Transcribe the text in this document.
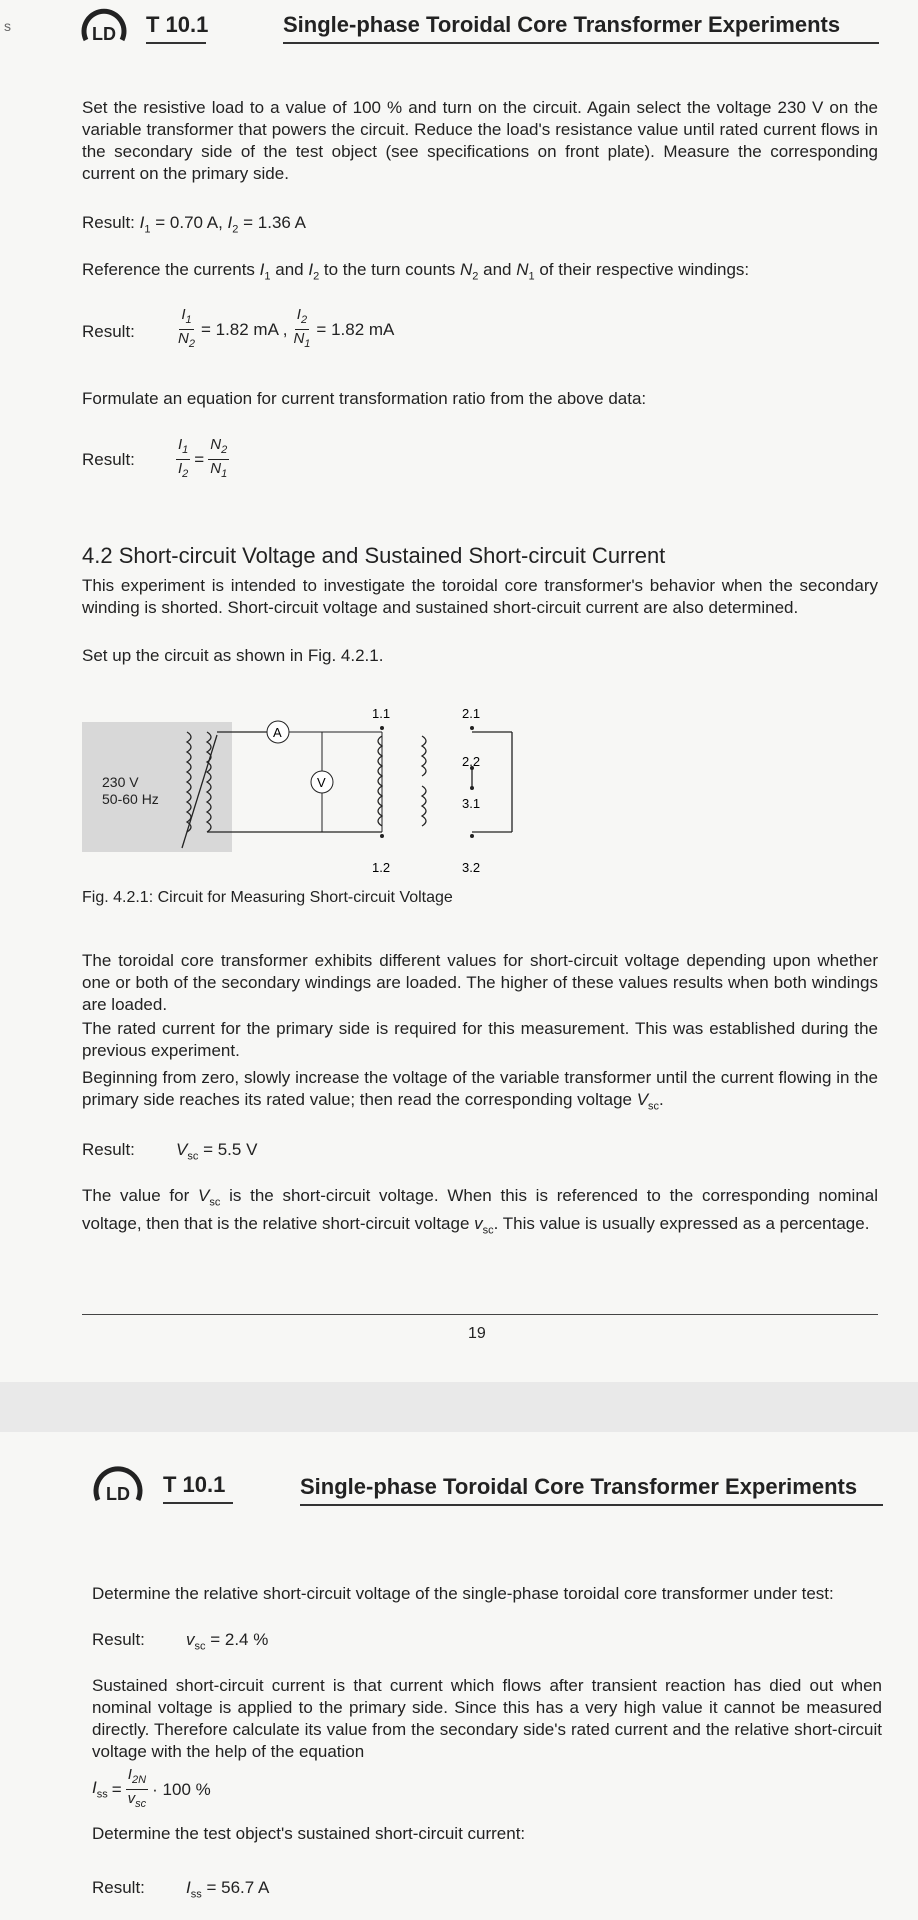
s	LD T 10.1	Single-phase Toroidal Core Transformer Experiments
Set the resistive load to a value of 100 % and turn on the circuit. Again select the voltage 230 V on the variable transformer that powers the circuit. Reduce the load's resistance value until rated current flows in the secondary side of the test object (see specifications on front plate). Measure the corresponding current on the primary side.
Result: $I_1 = 0.70$ A, $I_2 = 1.36$ A
Reference the currents $I_1$ and $I_2$ to the turn counts $N_2$ and $N_1$ of their respective windings:
Result:	$\frac{I_1}{N_2} = 1.82$ mA , $\frac{I_2}{N_1} = 1.82$ mA
Formulate an equation for current transformation ratio from the above data:
Result:	$\frac{I_1}{I_2} = \frac{N_2}{N_1}$
4.2 Short-circuit Voltage and Sustained Short-circuit Current
This experiment is intended to investigate the toroidal core transformer's behavior when the secondary winding is shorted. Short-circuit voltage and sustained short-circuit current are also determined.
Set up the circuit as shown in Fig. 4.2.1.
230 V
50-60 Hz
A
V
1.1	2.1
2.2
3.1
1.2	3.2
Fig. 4.2.1: Circuit for Measuring Short-circuit Voltage
The toroidal core transformer exhibits different values for short-circuit voltage depending upon whether one or both of the secondary windings are loaded. The higher of these values results when both windings are loaded.
The rated current for the primary side is required for this measurement. This was established during the previous experiment.
Beginning from zero, slowly increase the voltage of the variable transformer until the current flowing in the primary side reaches its rated value; then read the corresponding voltage $V_{sc}$.
Result: $V_{sc} = 5.5$ V
The value for $V_{sc}$ is the short-circuit voltage. When this is referenced to the corresponding nominal voltage, then that is the relative short-circuit voltage $v_{sc}$. This value is usually expressed as a percentage.
19
LD T 10.1	Single-phase Toroidal Core Transformer Experiments
Determine the relative short-circuit voltage of the single-phase toroidal core transformer under test:
Result: $v_{sc} = 2.4$ %
Sustained short-circuit current is that current which flows after transient reaction has died out when nominal voltage is applied to the primary side. Since this has a very high value it cannot be measured directly. Therefore calculate its value from the secondary side's rated current and the relative short-circuit voltage with the help of the equation
$I_{ss} = \frac{I_{2N}}{v_{sc}} \cdot 100$ %
Determine the test object's sustained short-circuit current:
Result: $I_{ss} = 56.7$ A
